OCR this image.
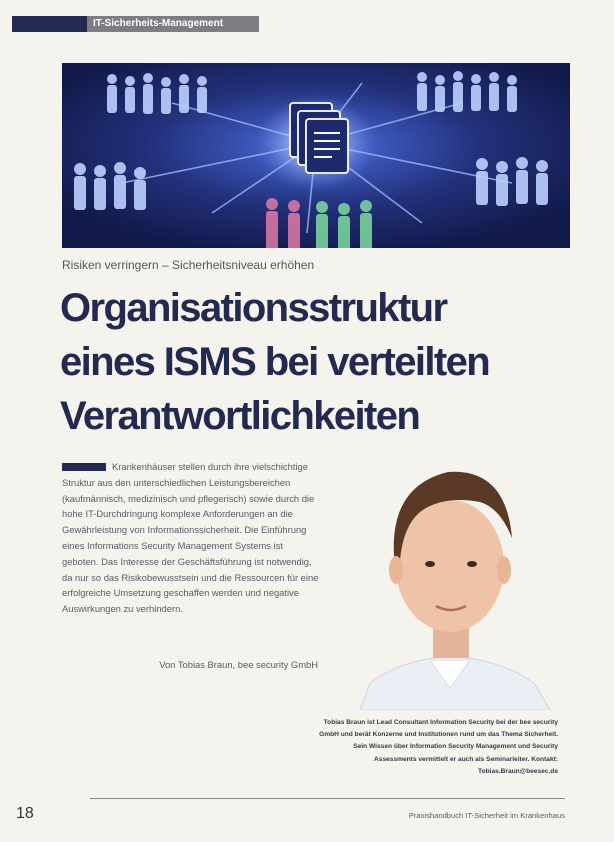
IT-Sicherheits-Management
Risiken verringern – Sicherheitsniveau erhöhen
Organisationsstruktur
eines ISMS bei verteilten
Verantwortlichkeiten

Krankenhäuser stellen durch ihre vielschichtige Struktur aus den unterschiedlichen Leistungsbereichen (kaufmännisch, medizinisch und pflegerisch) sowie durch die hohe IT-Durchdringung komplexe Anforderungen an die Gewährleistung von Informationssicherheit. Die Einführung eines Informations Security Management Systems ist geboten. Das Interesse der Geschäftsführung ist notwendig, da nur so das Risikobewusstsein und die Ressourcen für eine erfolgreiche Umsetzung geschaffen werden und negative Auswirkungen zu verhindern.

Von Tobias Braun, bee security GmbH

Tobias Braun ist Lead Consultant Information Security bei der bee security GmbH und berät Konzerne und Institutionen rund um das Thema Sicherheit. Sein Wissen über Information Security Management und Security Assessments vermittelt er auch als Seminarleiter. Kontakt: Tobias.Braun@beesec.de

18	Praxishandbuch IT-Sicherheit im Krankenhaus
